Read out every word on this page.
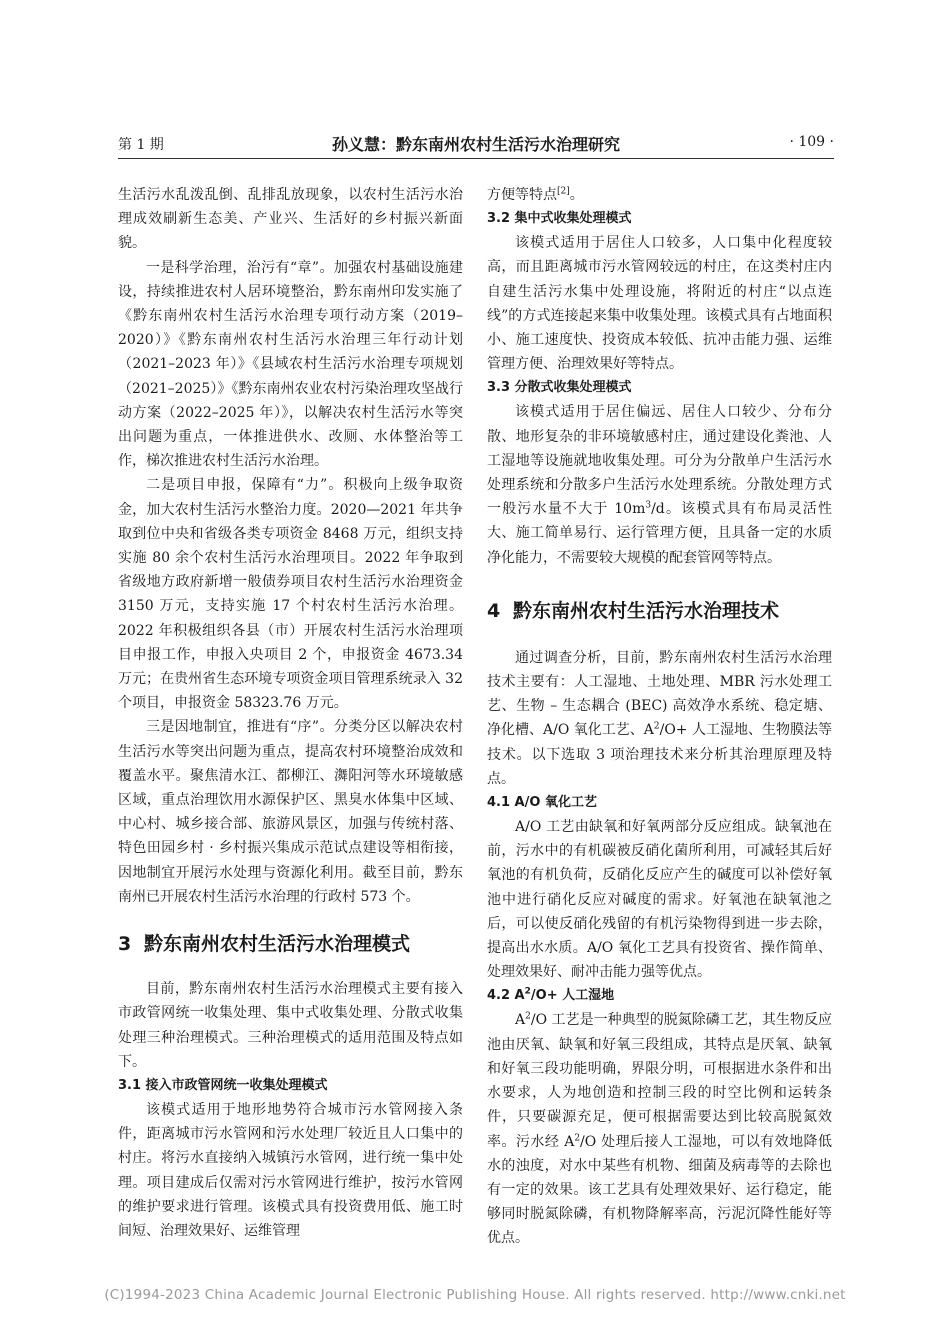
第 1 期	孙义慧：黔东南州农村生活污水治理研究	· 109 ·

生活污水乱泼乱倒、乱排乱放现象，以农村生活污水治理成效刷新生态美、产业兴、生活好的乡村振兴新面貌。

一是科学治理，治污有“章”。加强农村基础设施建设，持续推进农村人居环境整治，黔东南州印发实施了《黔东南州农村生活污水治理专项行动方案（2019–2020）》《黔东南州农村生活污水治理三年行动计划（2021–2023 年）》《县域农村生活污水治理专项规划（2021–2025）》《黔东南州农业农村污染治理攻坚战行动方案（2022–2025 年）》，以解决农村生活污水等突出问题为重点，一体推进供水、改厕、水体整治等工作，梯次推进农村生活污水治理。

二是项目申报，保障有“力”。积极向上级争取资金，加大农村生活污水整治力度。2020—2021 年共争取到位中央和省级各类专项资金 8468 万元，组织支持实施 80 余个农村生活污水治理项目。2022 年争取到省级地方政府新增一般债券项目农村生活污水治理资金 3150 万元，支持实施 17 个村农村生活污水治理。2022 年积极组织各县（市）开展农村生活污水治理项目申报工作，申报入央项目 2 个，申报资金 4673.34 万元；在贵州省生态环境专项资金项目管理系统录入 32 个项目，申报资金 58323.76 万元。

三是因地制宜，推进有“序”。分类分区以解决农村生活污水等突出问题为重点，提高农村环境整治成效和覆盖水平。聚焦清水江、都柳江、㵲阳河等水环境敏感区域，重点治理饮用水源保护区、黑臭水体集中区域、中心村、城乡接合部、旅游风景区，加强与传统村落、特色田园乡村 · 乡村振兴集成示范试点建设等相衔接，因地制宜开展污水处理与资源化利用。截至目前，黔东南州已开展农村生活污水治理的行政村 573 个。

3 黔东南州农村生活污水治理模式

目前，黔东南州农村生活污水治理模式主要有接入市政管网统一收集处理、集中式收集处理、分散式收集处理三种治理模式。三种治理模式的适用范围及特点如下。

3.1 接入市政管网统一收集处理模式

该模式适用于地形地势符合城市污水管网接入条件，距离城市污水管网和污水处理厂较近且人口集中的村庄。将污水直接纳入城镇污水管网，进行统一集中处理。项目建成后仅需对污水管网进行维护，按污水管网的维护要求进行管理。该模式具有投资费用低、施工时间短、治理效果好、运维管理

方便等特点[2]。

3.2 集中式收集处理模式

该模式适用于居住人口较多，人口集中化程度较高，而且距离城市污水管网较远的村庄，在这类村庄内自建生活污水集中处理设施，将附近的村庄“以点连线”的方式连接起来集中收集处理。该模式具有占地面积小、施工速度快、投资成本较低、抗冲击能力强、运维管理方便、治理效果好等特点。

3.3 分散式收集处理模式

该模式适用于居住偏远、居住人口较少、分布分散、地形复杂的非环境敏感村庄，通过建设化粪池、人工湿地等设施就地收集处理。可分为分散单户生活污水处理系统和分散多户生活污水处理系统。分散处理方式一般污水量不大于 $10m^3/d$。该模式具有布局灵活性大、施工简单易行、运行管理方便，且具备一定的水质净化能力，不需要较大规模的配套管网等特点。

4 黔东南州农村生活污水治理技术

通过调查分析，目前，黔东南州农村生活污水治理技术主要有：人工湿地、土地处理、MBR 污水处理工艺、生物 – 生态耦合 (BEC) 高效净水系统、稳定塘、净化槽、A/O 氧化工艺、$A^2/O+$ 人工湿地、生物膜法等技术。以下选取 3 项治理技术来分析其治理原理及特点。

4.1 A/O 氧化工艺

A/O 工艺由缺氧和好氧两部分反应组成。缺氧池在前，污水中的有机碳被反硝化菌所利用，可减轻其后好氧池的有机负荷，反硝化反应产生的碱度可以补偿好氧池中进行硝化反应对碱度的需求。好氧池在缺氧池之后，可以使反硝化残留的有机污染物得到进一步去除，提高出水水质。A/O 氧化工艺具有投资省、操作简单、处理效果好、耐冲击能力强等优点。

4.2 $A^2/O+$ 人工湿地

$A^2/O$ 工艺是一种典型的脱氮除磷工艺，其生物反应池由厌氧、缺氧和好氧三段组成，其特点是厌氧、缺氧和好氧三段功能明确，界限分明，可根据进水条件和出水要求，人为地创造和控制三段的时空比例和运转条件，只要碳源充足，便可根据需要达到比较高脱氮效率。污水经 $A^2/O$ 处理后接人工湿地，可以有效地降低水的浊度，对水中某些有机物、细菌及病毒等的去除也有一定的效果。该工艺具有处理效果好、运行稳定，能够同时脱氮除磷，有机物降解率高，污泥沉降性能好等优点。

(C)1994-2023 China Academic Journal Electronic Publishing House. All rights reserved. http://www.cnki.net
